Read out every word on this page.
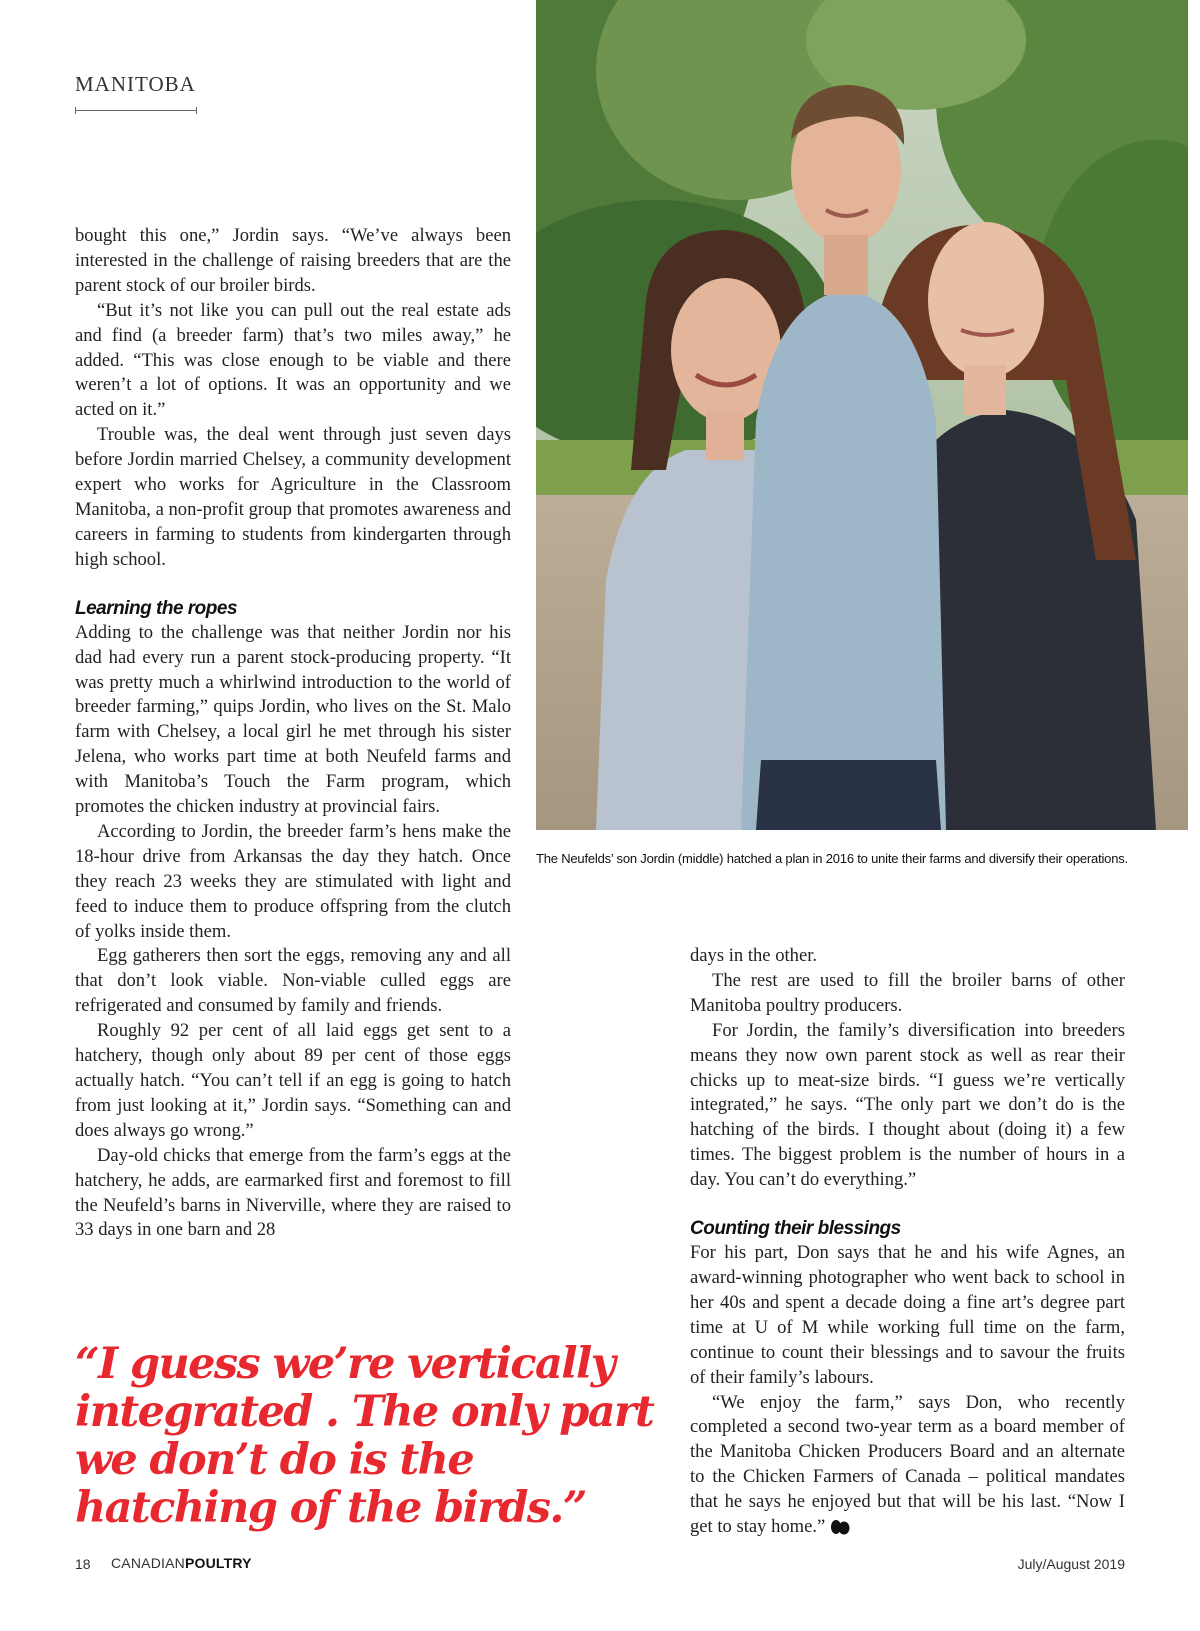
MANITOBA

bought this one,” Jordin says. “We’ve always been interested in the challenge of raising breeders that are the parent stock of our broiler birds.

“But it’s not like you can pull out the real estate ads and find (a breeder farm) that’s two miles away,” he added. “This was close enough to be viable and there weren’t a lot of options. It was an opportunity and we acted on it.”

Trouble was, the deal went through just seven days before Jordin married Chelsey, a community development expert who works for Agriculture in the Classroom Manitoba, a non-profit group that promotes awareness and careers in farming to students from kindergarten through high school.

Learning the ropes

Adding to the challenge was that neither Jordin nor his dad had every run a parent stock-producing property. “It was pretty much a whirlwind introduction to the world of breeder farming,” quips Jordin, who lives on the St. Malo farm with Chelsey, a local girl he met through his sister Jelena, who works part time at both Neufeld farms and with Manitoba’s Touch the Farm program, which promotes the chicken industry at provincial fairs.

According to Jordin, the breeder farm’s hens make the 18-hour drive from Arkansas the day they hatch. Once they reach 23 weeks they are stimulated with light and feed to induce them to produce offspring from the clutch of yolks inside them.

Egg gatherers then sort the eggs, removing any and all that don’t look viable. Non-viable culled eggs are refrigerated and consumed by family and friends.

Roughly 92 per cent of all laid eggs get sent to a hatchery, though only about 89 per cent of those eggs actually hatch. “You can’t tell if an egg is going to hatch from just looking at it,” Jordin says. “Something can and does always go wrong.”

Day-old chicks that emerge from the farm’s eggs at the hatchery, he adds, are earmarked first and foremost to fill the Neufeld’s barns in Niverville, where they are raised to 33 days in one barn and 28

The Neufelds’ son Jordin (middle) hatched a plan in 2016 to unite their farms and diversify their operations.

days in the other.

The rest are used to fill the broiler barns of other Manitoba poultry producers.

For Jordin, the family’s diversification into breeders means they now own parent stock as well as rear their chicks up to meat-size birds. “I guess we’re vertically integrated,” he says. “The only part we don’t do is the hatching of the birds. I thought about (doing it) a few times. The biggest problem is the number of hours in a day. You can’t do everything.”

Counting their blessings

For his part, Don says that he and his wife Agnes, an award-winning photographer who went back to school in her 40s and spent a decade doing a fine art’s degree part time at U of M while working full time on the farm, continue to count their blessings and to savour the fruits of their family’s labours.

“We enjoy the farm,” says Don, who recently completed a second two-year term as a board member of the Manitoba Chicken Producers Board and an alternate to the Chicken Farmers of Canada – political mandates that he says he enjoyed but that will be his last. “Now I get to stay home.”

“I guess we’re vertically integrated . The only part we don’t do is the hatching of the birds.”
18 CANADIANPOULTRY	July/August 2019
